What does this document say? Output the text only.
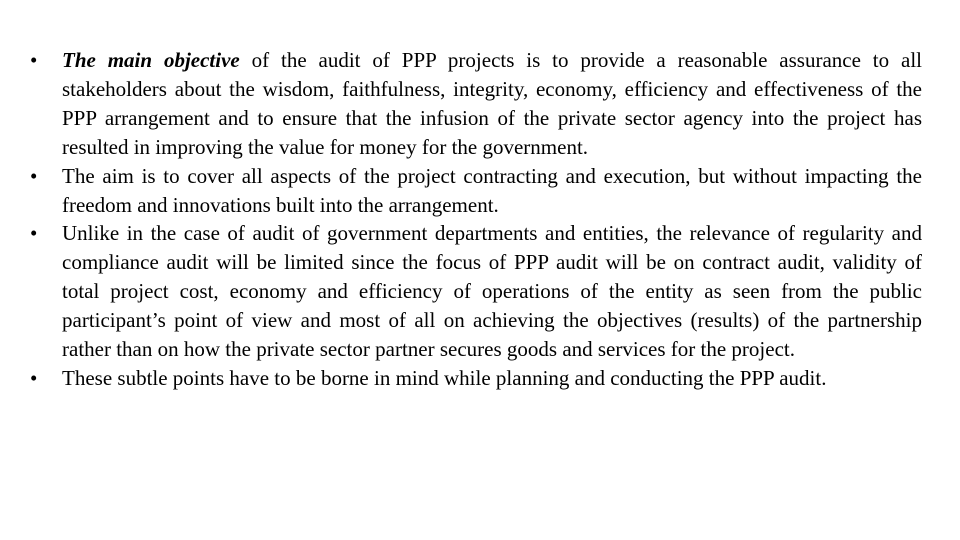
•	The main objective of the audit of PPP projects is to provide a reasonable assurance to all stakeholders about the wisdom, faithfulness, integrity, economy, efficiency and effectiveness of the PPP arrangement and to ensure that the infusion of the private sector agency into the project has resulted in improving the value for money for the government.
•	The aim is to cover all aspects of the project contracting and execution, but without impacting the freedom and innovations built into the arrangement.
•	Unlike in the case of audit of government departments and entities, the relevance of regularity and compliance audit will be limited since the focus of PPP audit will be on contract audit, validity of total project cost, economy and efficiency of operations of the entity as seen from the public participant’s point of view and most of all on achieving the objectives (results) of the partnership rather than on how the private sector partner secures goods and services for the project.
•	These subtle points have to be borne in mind while planning and conducting the PPP audit.
